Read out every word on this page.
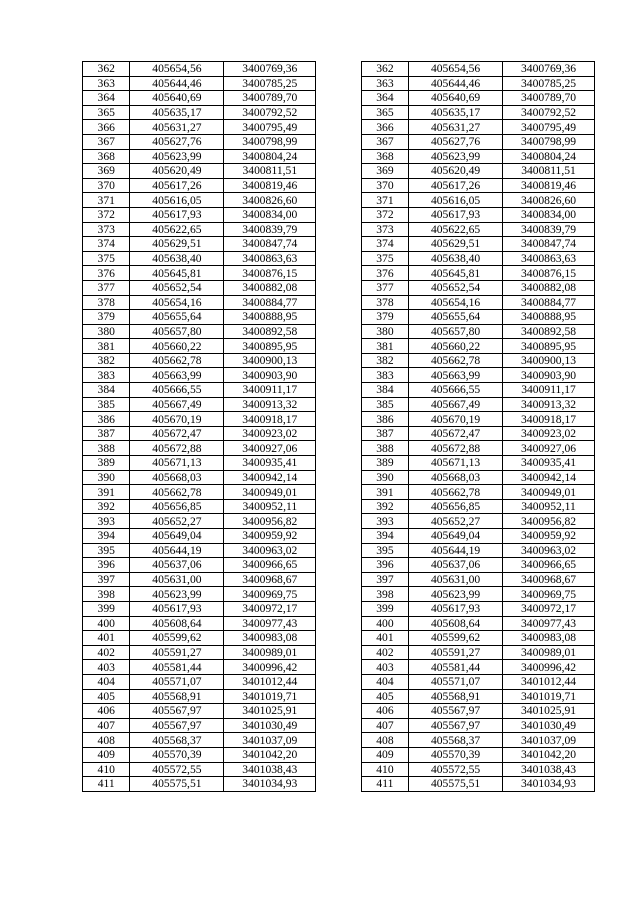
362	405654,56	3400769,36		362	405654,56	3400769,36
363	405644,46	3400785,25		363	405644,46	3400785,25
364	405640,69	3400789,70		364	405640,69	3400789,70
365	405635,17	3400792,52		365	405635,17	3400792,52
366	405631,27	3400795,49		366	405631,27	3400795,49
367	405627,76	3400798,99		367	405627,76	3400798,99
368	405623,99	3400804,24		368	405623,99	3400804,24
369	405620,49	3400811,51		369	405620,49	3400811,51
370	405617,26	3400819,46		370	405617,26	3400819,46
371	405616,05	3400826,60		371	405616,05	3400826,60
372	405617,93	3400834,00		372	405617,93	3400834,00
373	405622,65	3400839,79		373	405622,65	3400839,79
374	405629,51	3400847,74		374	405629,51	3400847,74
375	405638,40	3400863,63		375	405638,40	3400863,63
376	405645,81	3400876,15		376	405645,81	3400876,15
377	405652,54	3400882,08		377	405652,54	3400882,08
378	405654,16	3400884,77		378	405654,16	3400884,77
379	405655,64	3400888,95		379	405655,64	3400888,95
380	405657,80	3400892,58		380	405657,80	3400892,58
381	405660,22	3400895,95		381	405660,22	3400895,95
382	405662,78	3400900,13		382	405662,78	3400900,13
383	405663,99	3400903,90		383	405663,99	3400903,90
384	405666,55	3400911,17		384	405666,55	3400911,17
385	405667,49	3400913,32		385	405667,49	3400913,32
386	405670,19	3400918,17		386	405670,19	3400918,17
387	405672,47	3400923,02		387	405672,47	3400923,02
388	405672,88	3400927,06		388	405672,88	3400927,06
389	405671,13	3400935,41		389	405671,13	3400935,41
390	405668,03	3400942,14		390	405668,03	3400942,14
391	405662,78	3400949,01		391	405662,78	3400949,01
392	405656,85	3400952,11		392	405656,85	3400952,11
393	405652,27	3400956,82		393	405652,27	3400956,82
394	405649,04	3400959,92		394	405649,04	3400959,92
395	405644,19	3400963,02		395	405644,19	3400963,02
396	405637,06	3400966,65		396	405637,06	3400966,65
397	405631,00	3400968,67		397	405631,00	3400968,67
398	405623,99	3400969,75		398	405623,99	3400969,75
399	405617,93	3400972,17		399	405617,93	3400972,17
400	405608,64	3400977,43		400	405608,64	3400977,43
401	405599,62	3400983,08		401	405599,62	3400983,08
402	405591,27	3400989,01		402	405591,27	3400989,01
403	405581,44	3400996,42		403	405581,44	3400996,42
404	405571,07	3401012,44		404	405571,07	3401012,44
405	405568,91	3401019,71		405	405568,91	3401019,71
406	405567,97	3401025,91		406	405567,97	3401025,91
407	405567,97	3401030,49		407	405567,97	3401030,49
408	405568,37	3401037,09		408	405568,37	3401037,09
409	405570,39	3401042,20		409	405570,39	3401042,20
410	405572,55	3401038,43		410	405572,55	3401038,43
411	405575,51	3401034,93		411	405575,51	3401034,93
